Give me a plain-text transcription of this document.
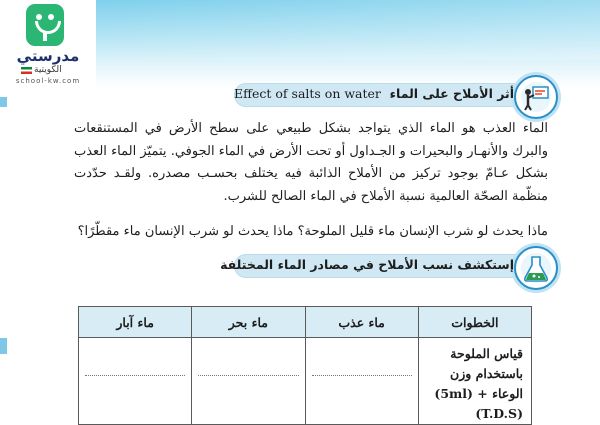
مدرستي
الكويتية
school-kw.com
Effect of salts on water أثر الأملاح على الماء

الماء العذب هو الماء الذي يتواجد بشكل طبيعي على سطح الأرض في المستنقعات والبرك والأنهـار والبحيرات و الجـداول أو تحت الأرض في الماء الجوفي. يتميّز الماء العذب بشكل عـامّ بوجود تركيز من الأملاح الذائبة فيه يختلف بحسـب مصدره. ولقـد حدّدت منظّمة الصحّة العالمية نسبة الأملاح في الماء الصالح للشرب.

ماذا يحدث لو شرب الإنسان ماء قليل الملوحة؟ ماذا يحدث لو شرب الإنسان ماء مقطّرًا؟
إستكشف نسب الأملاح في مصادر الماء المختلفة
الخطوات	ماء عذب	ماء بحر	ماء آبار
قياس الملوحة باستخدام وزن الوعاء + (5ml) (T.D.S)	
